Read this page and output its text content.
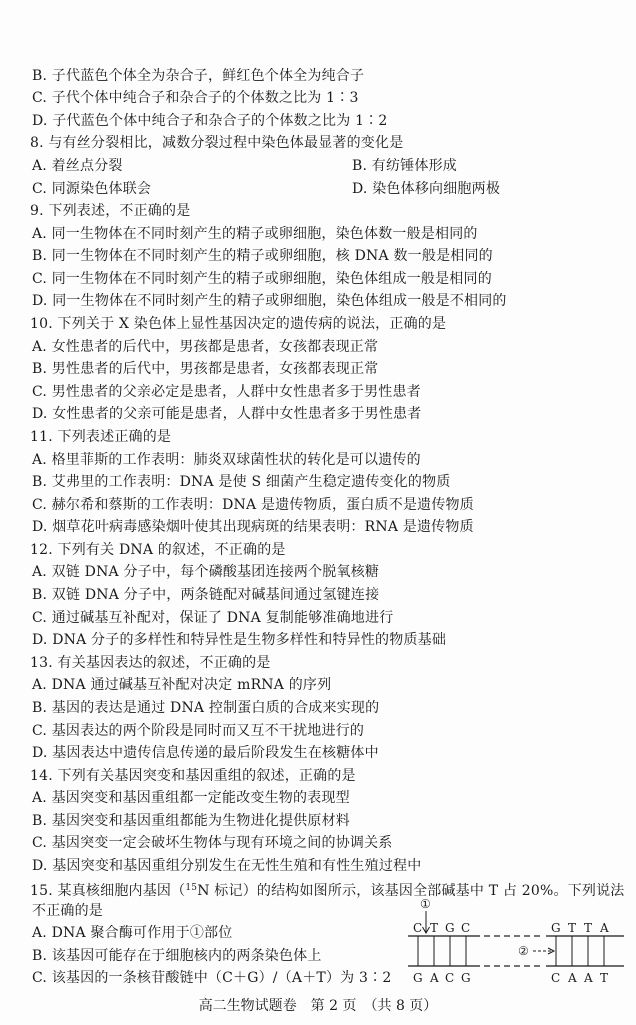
B. 子代蓝色个体全为杂合子，鲜红色个体全为纯合子
C. 子代个体中纯合子和杂合子的个体数之比为 1∶3
D. 子代蓝色个体中纯合子和杂合子的个体数之比为 1∶2
8. 与有丝分裂相比，减数分裂过程中染色体最显著的变化是
A. 着丝点分裂	B. 有纺锤体形成
C. 同源染色体联会	D. 染色体移向细胞两极
9. 下列表述，不正确的是
A. 同一生物体在不同时刻产生的精子或卵细胞，染色体数一般是相同的
B. 同一生物体在不同时刻产生的精子或卵细胞，核 DNA 数一般是相同的
C. 同一生物体在不同时刻产生的精子或卵细胞，染色体组成一般是相同的
D. 同一生物体在不同时刻产生的精子或卵细胞，染色体组成一般是不相同的
10. 下列关于 X 染色体上显性基因决定的遗传病的说法，正确的是
A. 女性患者的后代中，男孩都是患者，女孩都表现正常
B. 男性患者的后代中，男孩都是患者，女孩都表现正常
C. 男性患者的父亲必定是患者，人群中女性患者多于男性患者
D. 女性患者的父亲可能是患者，人群中女性患者多于男性患者
11. 下列表述正确的是
A. 格里菲斯的工作表明：肺炎双球菌性状的转化是可以遗传的
B. 艾弗里的工作表明：DNA 是使 S 细菌产生稳定遗传变化的物质
C. 赫尔希和蔡斯的工作表明：DNA 是遗传物质，蛋白质不是遗传物质
D. 烟草花叶病毒感染烟叶使其出现病斑的结果表明：RNA 是遗传物质
12. 下列有关 DNA 的叙述，不正确的是
A. 双链 DNA 分子中，每个磷酸基团连接两个脱氧核糖
B. 双链 DNA 分子中，两条链配对碱基间通过氢键连接
C. 通过碱基互补配对，保证了 DNA 复制能够准确地进行
D. DNA 分子的多样性和特异性是生物多样性和特异性的物质基础
13. 有关基因表达的叙述，不正确的是
A. DNA 通过碱基互补配对决定 mRNA 的序列
B. 基因的表达是通过 DNA 控制蛋白质的合成来实现的
C. 基因表达的两个阶段是同时而又互不干扰地进行的
D. 基因表达中遗传信息传递的最后阶段发生在核糖体中
14. 下列有关基因突变和基因重组的叙述，正确的是
A. 基因突变和基因重组都一定能改变生物的表现型
B. 基因突变和基因重组都能为生物进化提供原材料
C. 基因突变一定会破坏生物体与现有环境之间的协调关系
D. 基因突变和基因重组分别发生在无性生殖和有性生殖过程中
15. 某真核细胞内基因（$^{15}$N 标记）的结构如图所示，该基因全部碱基中 T 占 20%。下列说法
不正确的是
A. DNA 聚合酶可作用于①部位
B. 该基因可能存在于细胞核内的两条染色体上
C. 该基因的一条核苷酸链中（C＋G）/（A＋T）为 3∶2
C T G C	G T T A
G A C G	C A A T
①
②
高二生物试题卷　第 2 页　（共 8 页）
